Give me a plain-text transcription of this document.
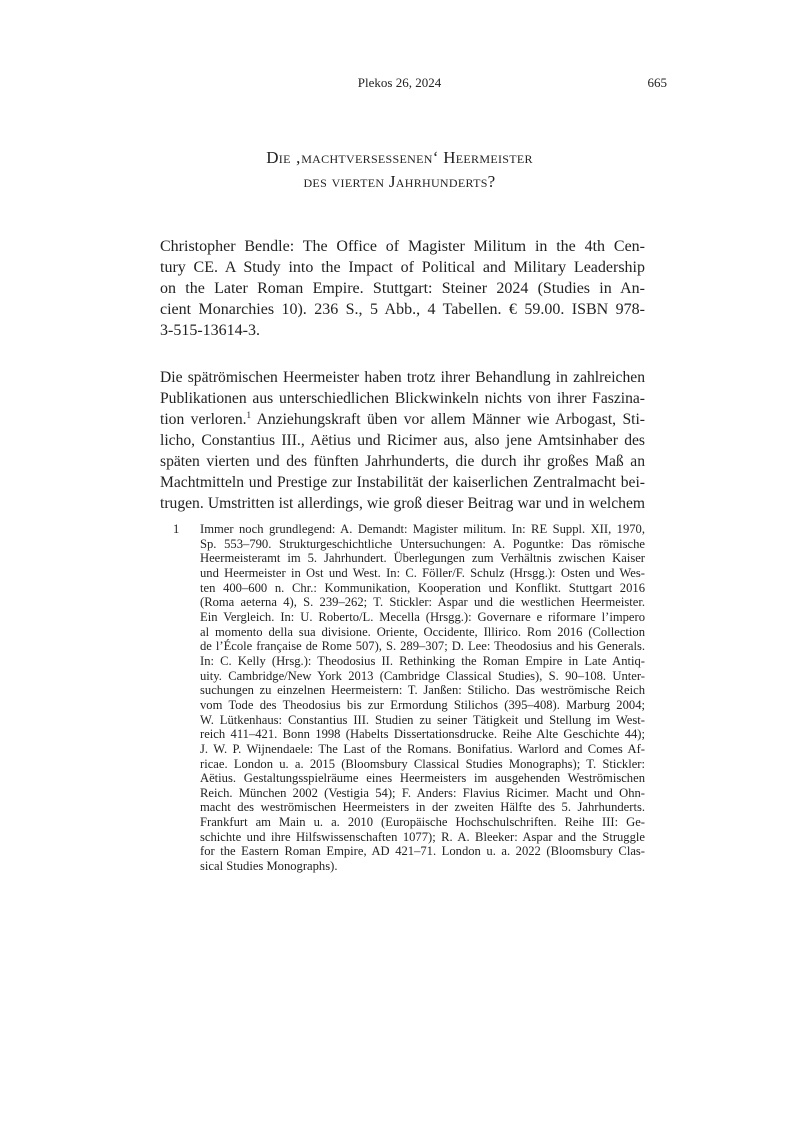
Plekos 26, 2024	665
Die ‚machtversessenen‘ Heermeister
des vierten Jahrhunderts?
Christopher Bendle: The Office of Magister Militum in the 4th Cen-
tury CE. A Study into the Impact of Political and Military Leadership
on the Later Roman Empire. Stuttgart: Steiner 2024 (Studies in An-
cient Monarchies 10). 236 S., 5 Abb., 4 Tabellen. € 59.00. ISBN 978-
3-515-13614-3.
Die spätrömischen Heermeister haben trotz ihrer Behandlung in zahlreichen
Publikationen aus unterschiedlichen Blickwinkeln nichts von ihrer Faszina-
tion verloren.$^1$ Anziehungskraft üben vor allem Männer wie Arbogast, Sti-
licho, Constantius III., Aëtius und Ricimer aus, also jene Amtsinhaber des
späten vierten und des fünften Jahrhunderts, die durch ihr großes Maß an
Machtmitteln und Prestige zur Instabilität der kaiserlichen Zentralmacht bei-
trugen. Umstritten ist allerdings, wie groß dieser Beitrag war und in welchem
1 Immer noch grundlegend: A. Demandt: Magister militum. In: RE Suppl. XII, 1970,
Sp. 553–790. Strukturgeschichtliche Untersuchungen: A. Poguntke: Das römische
Heermeisteramt im 5. Jahrhundert. Überlegungen zum Verhältnis zwischen Kaiser
und Heermeister in Ost und West. In: C. Föller/F. Schulz (Hrsgg.): Osten und Wes-
ten 400–600 n. Chr.: Kommunikation, Kooperation und Konflikt. Stuttgart 2016
(Roma aeterna 4), S. 239–262; T. Stickler: Aspar und die westlichen Heermeister.
Ein Vergleich. In: U. Roberto/L. Mecella (Hrsgg.): Governare e riformare l’impero
al momento della sua divisione. Oriente, Occidente, Illirico. Rom 2016 (Collection
de l’École française de Rome 507), S. 289–307; D. Lee: Theodosius and his Generals.
In: C. Kelly (Hrsg.): Theodosius II. Rethinking the Roman Empire in Late Antiq-
uity. Cambridge/New York 2013 (Cambridge Classical Studies), S. 90–108. Unter-
suchungen zu einzelnen Heermeistern: T. Janßen: Stilicho. Das weströmische Reich
vom Tode des Theodosius bis zur Ermordung Stilichos (395–408). Marburg 2004;
W. Lütkenhaus: Constantius III. Studien zu seiner Tätigkeit und Stellung im West-
reich 411–421. Bonn 1998 (Habelts Dissertationsdrucke. Reihe Alte Geschichte 44);
J. W. P. Wijnendaele: The Last of the Romans. Bonifatius. Warlord and Comes Af-
ricae. London u. a. 2015 (Bloomsbury Classical Studies Monographs); T. Stickler:
Aëtius. Gestaltungsspielräume eines Heermeisters im ausgehenden Weströmischen
Reich. München 2002 (Vestigia 54); F. Anders: Flavius Ricimer. Macht und Ohn-
macht des weströmischen Heermeisters in der zweiten Hälfte des 5. Jahrhunderts.
Frankfurt am Main u. a. 2010 (Europäische Hochschulschriften. Reihe III: Ge-
schichte und ihre Hilfswissenschaften 1077); R. A. Bleeker: Aspar and the Struggle
for the Eastern Roman Empire, AD 421–71. London u. a. 2022 (Bloomsbury Clas-
sical Studies Monographs).
